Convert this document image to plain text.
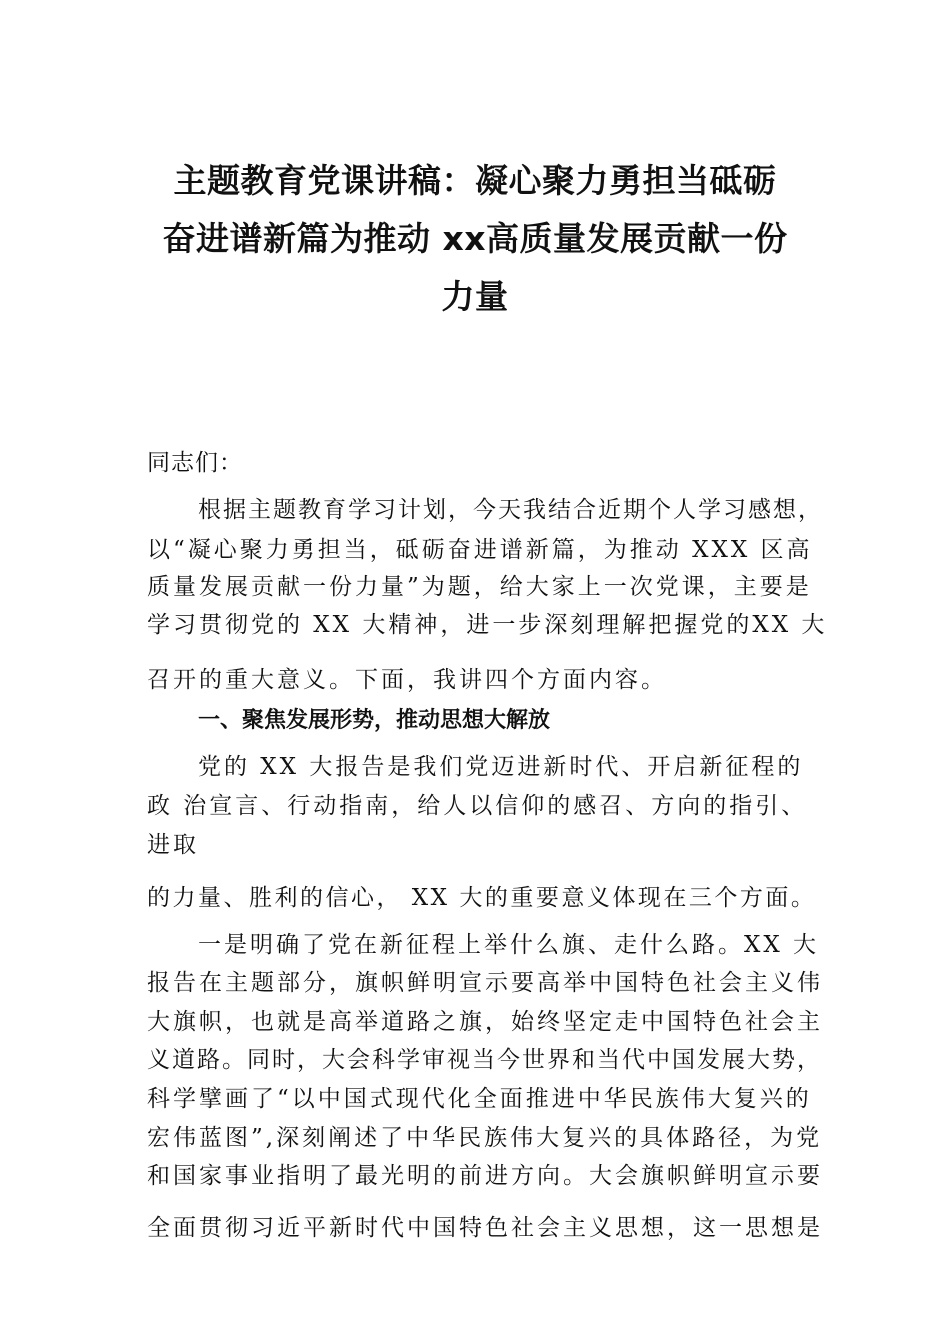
主题教育党课讲稿：凝心聚力勇担当砥砺
奋进谱新篇为推动 xx高质量发展贡献一份
力量
同志们：
根据主题教育学习计划，今天我结合近期个人学习感想，
以“凝心聚力勇担当，砥砺奋进谱新篇，为推动 XXX 区高
质量发展贡献一份力量”为题，给大家上一次党课，主要是
学习贯彻党的 XX 大精神，进一步深刻理解把握党的XX 大
召开的重大意义。下面，我讲四个方面内容。
一、聚焦发展形势，推动思想大解放
党的 XX 大报告是我们党迈进新时代、开启新征程的
政 治宣言、行动指南，给人以信仰的感召、方向的指引、
进取
的力量、胜利的信心， XX 大的重要意义体现在三个方面。
一是明确了党在新征程上举什么旗、走什么路。XX 大
报告在主题部分，旗帜鲜明宣示要高举中国特色社会主义伟
大旗帜，也就是高举道路之旗，始终坚定走中国特色社会主
义道路。同时，大会科学审视当今世界和当代中国发展大势，
科学擘画了“以中国式现代化全面推进中华民族伟大复兴的
宏伟蓝图”,深刻阐述了中华民族伟大复兴的具体路径，为党
和国家事业指明了最光明的前进方向。大会旗帜鲜明宣示要
全面贯彻习近平新时代中国特色社会主义思想，这一思想是
